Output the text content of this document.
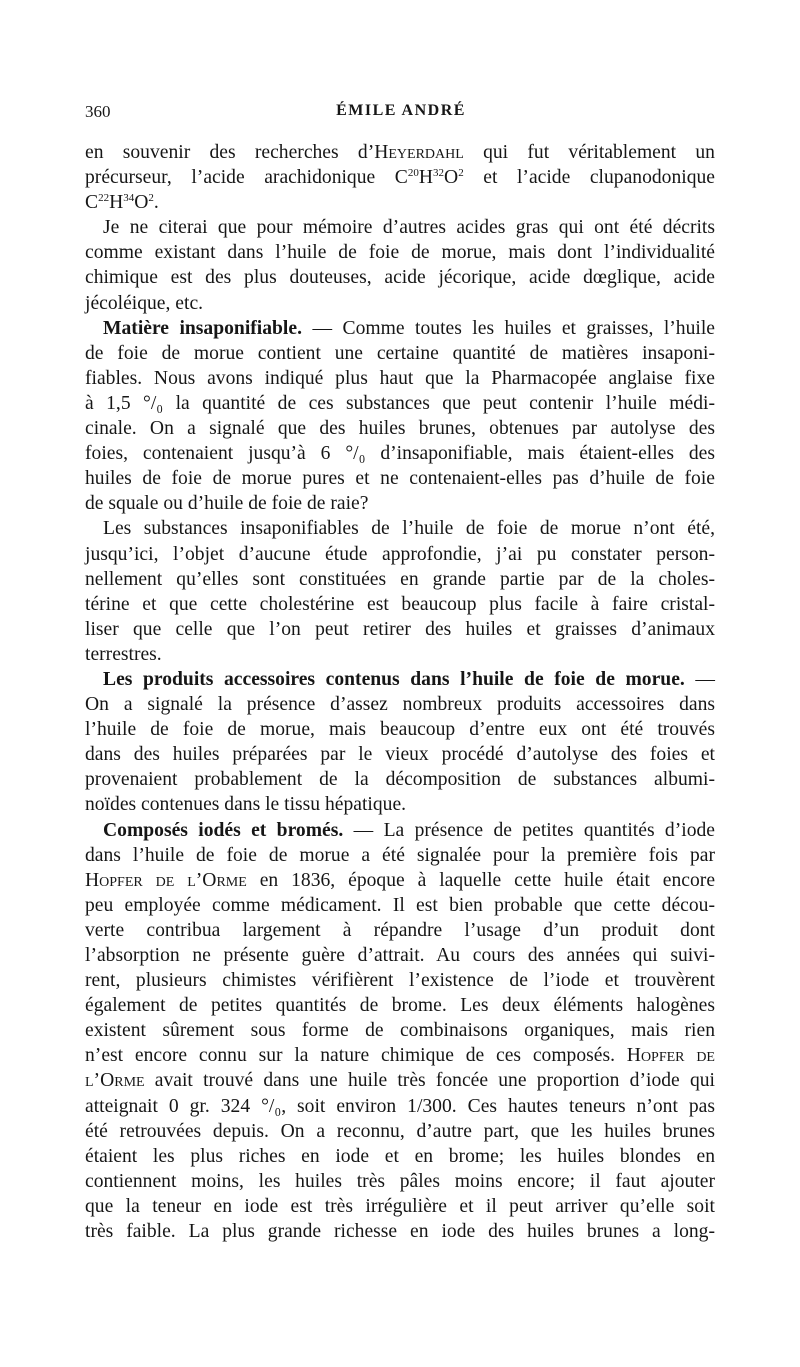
360	ÉMILE ANDRÉ
en souvenir des recherches d’Heyerdahl qui fut véritablement un
précurseur, l’acide arachidonique $C^{20}H^{32}O^2$ et l’acide clupanodonique
$C^{22}H^{34}O^2$.
Je ne citerai que pour mémoire d’autres acides gras qui ont été décrits
comme existant dans l’huile de foie de morue, mais dont l’individualité
chimique est des plus douteuses, acide jécorique, acide dœglique, acide
jécoléique, etc.
Matière insaponifiable. — Comme toutes les huiles et graisses, l’huile
de foie de morue contient une certaine quantité de matières insaponi-
fiables. Nous avons indiqué plus haut que la Pharmacopée anglaise fixe
à 1,5 °/₀ la quantité de ces substances que peut contenir l’huile médi-
cinale. On a signalé que des huiles brunes, obtenues par autolyse des
foies, contenaient jusqu’à 6 °/₀ d’insaponifiable, mais étaient-elles des
huiles de foie de morue pures et ne contenaient-elles pas d’huile de foie
de squale ou d’huile de foie de raie?
Les substances insaponifiables de l’huile de foie de morue n’ont été,
jusqu’ici, l’objet d’aucune étude approfondie, j’ai pu constater person-
nellement qu’elles sont constituées en grande partie par de la choles-
térine et que cette cholestérine est beaucoup plus facile à faire cristal-
liser que celle que l’on peut retirer des huiles et graisses d’animaux
terrestres.
Les produits accessoires contenus dans l’huile de foie de morue. —
On a signalé la présence d’assez nombreux produits accessoires dans
l’huile de foie de morue, mais beaucoup d’entre eux ont été trouvés
dans des huiles préparées par le vieux procédé d’autolyse des foies et
provenaient probablement de la décomposition de substances albumi-
noïdes contenues dans le tissu hépatique.
Composés iodés et bromés. — La présence de petites quantités d’iode
dans l’huile de foie de morue a été signalée pour la première fois par
Hopfer de l’Orme en 1836, époque à laquelle cette huile était encore
peu employée comme médicament. Il est bien probable que cette décou-
verte contribua largement à répandre l’usage d’un produit dont
l’absorption ne présente guère d’attrait. Au cours des années qui suivi-
rent, plusieurs chimistes vérifièrent l’existence de l’iode et trouvèrent
également de petites quantités de brome. Les deux éléments halogènes
existent sûrement sous forme de combinaisons organiques, mais rien
n’est encore connu sur la nature chimique de ces composés. Hopfer de
l’Orme avait trouvé dans une huile très foncée une proportion d’iode qui
atteignait 0 gr. 324 °/₀, soit environ 1/300. Ces hautes teneurs n’ont pas
été retrouvées depuis. On a reconnu, d’autre part, que les huiles brunes
étaient les plus riches en iode et en brome; les huiles blondes en
contiennent moins, les huiles très pâles moins encore; il faut ajouter
que la teneur en iode est très irrégulière et il peut arriver qu’elle soit
très faible. La plus grande richesse en iode des huiles brunes a long-
